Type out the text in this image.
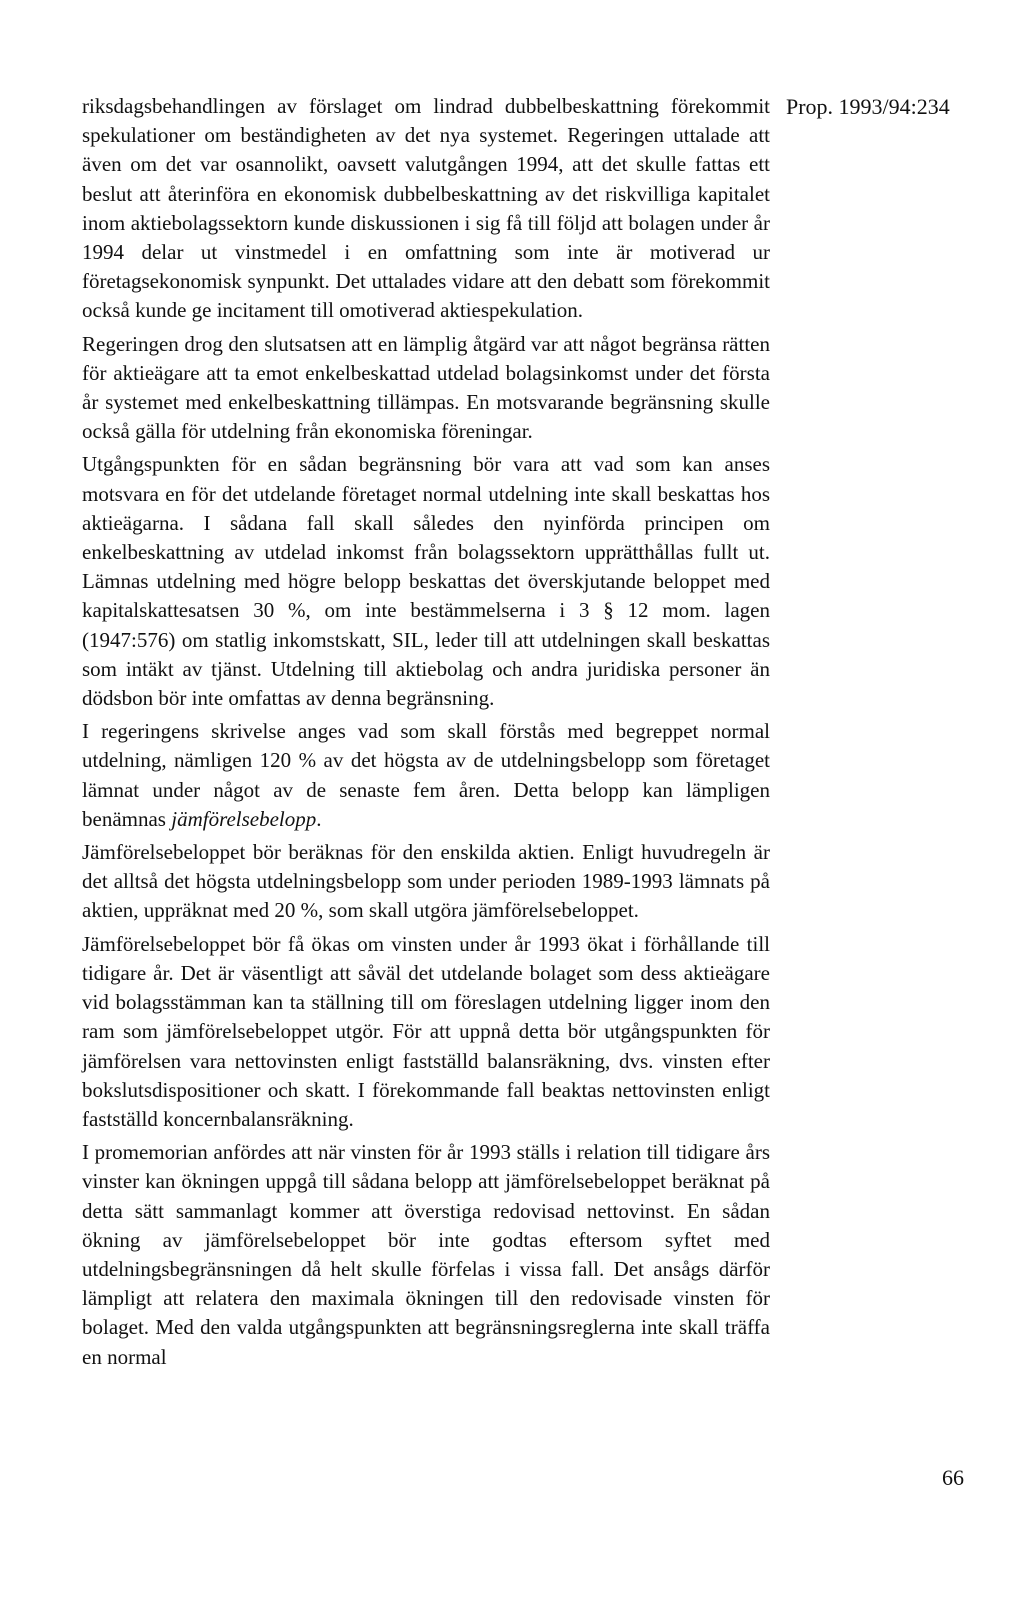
Prop. 1993/94:234

riksdagsbehandlingen av förslaget om lindrad dubbelbeskattning förekommit spekulationer om beständigheten av det nya systemet. Regeringen uttalade att även om det var osannolikt, oavsett valutgången 1994, att det skulle fattas ett beslut att återinföra en ekonomisk dubbelbeskattning av det riskvilliga kapitalet inom aktiebolagssektorn kunde diskussionen i sig få till följd att bolagen under år 1994 delar ut vinstmedel i en omfattning som inte är motiverad ur företagsekonomisk synpunkt. Det uttalades vidare att den debatt som förekommit också kunde ge incitament till omotiverad aktiespekulation.

Regeringen drog den slutsatsen att en lämplig åtgärd var att något begränsa rätten för aktieägare att ta emot enkelbeskattad utdelad bolagsinkomst under det första år systemet med enkelbeskattning tillämpas. En motsvarande begränsning skulle också gälla för utdelning från ekonomiska föreningar.

Utgångspunkten för en sådan begränsning bör vara att vad som kan anses motsvara en för det utdelande företaget normal utdelning inte skall beskattas hos aktieägarna. I sådana fall skall således den nyinförda principen om enkelbeskattning av utdelad inkomst från bolagssektorn upprätthållas fullt ut. Lämnas utdelning med högre belopp beskattas det överskjutande beloppet med kapitalskattesatsen 30 %, om inte bestämmelserna i 3 § 12 mom. lagen (1947:576) om statlig inkomstskatt, SIL, leder till att utdelningen skall beskattas som intäkt av tjänst. Utdelning till aktiebolag och andra juridiska personer än dödsbon bör inte omfattas av denna begränsning.

I regeringens skrivelse anges vad som skall förstås med begreppet normal utdelning, nämligen 120 % av det högsta av de utdelningsbelopp som företaget lämnat under något av de senaste fem åren. Detta belopp kan lämpligen benämnas jämförelsebelopp.

Jämförelsebeloppet bör beräknas för den enskilda aktien. Enligt huvudregeln är det alltså det högsta utdelningsbelopp som under perioden 1989-1993 lämnats på aktien, uppräknat med 20 %, som skall utgöra jämförelsebeloppet.

Jämförelsebeloppet bör få ökas om vinsten under år 1993 ökat i förhållande till tidigare år. Det är väsentligt att såväl det utdelande bolaget som dess aktieägare vid bolagsstämman kan ta ställning till om föreslagen utdelning ligger inom den ram som jämförelsebeloppet utgör. För att uppnå detta bör utgångspunkten för jämförelsen vara nettovinsten enligt fastställd balansräkning, dvs. vinsten efter bokslutsdispositioner och skatt. I förekommande fall beaktas nettovinsten enligt fastställd koncernbalansräkning.

I promemorian anfördes att när vinsten för år 1993 ställs i relation till tidigare års vinster kan ökningen uppgå till sådana belopp att jämförelsebeloppet beräknat på detta sätt sammanlagt kommer att överstiga redovisad nettovinst. En sådan ökning av jämförelsebeloppet bör inte godtas eftersom syftet med utdelningsbegränsningen då helt skulle förfelas i vissa fall. Det ansågs därför lämpligt att relatera den maximala ökningen till den redovisade vinsten för bolaget. Med den valda utgångspunkten att begränsningsreglerna inte skall träffa en normal

66
